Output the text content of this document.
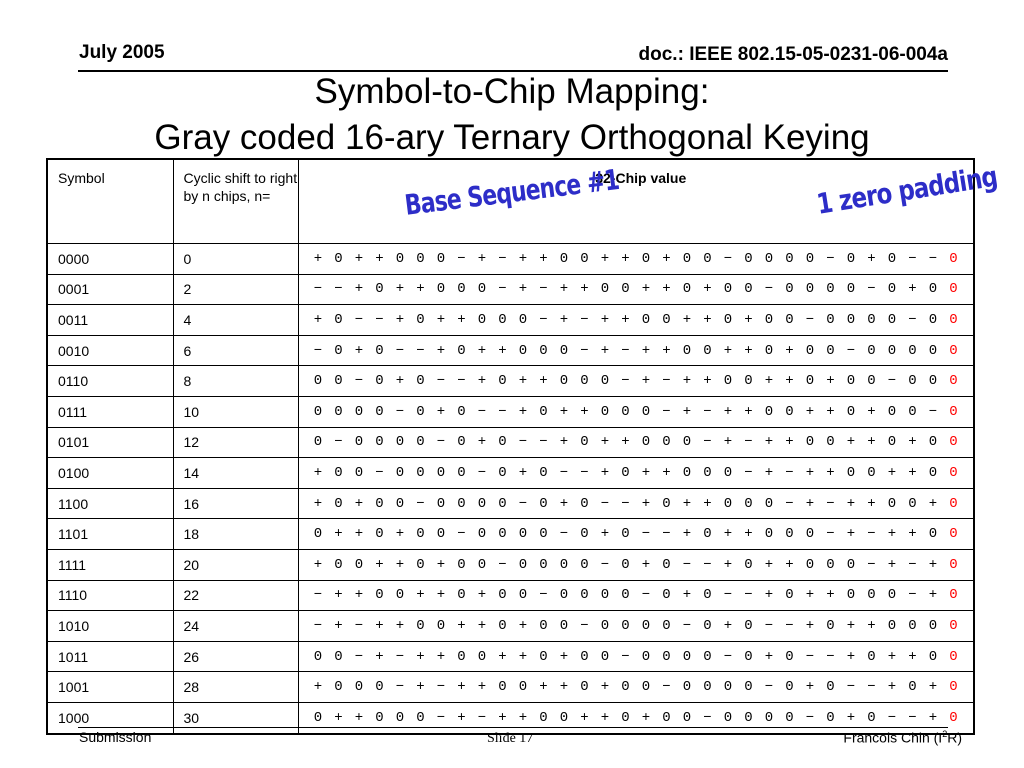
July 2005	doc.: IEEE 802.15-05-0231-06-004a
Symbol-to-Chip Mapping:
Gray coded 16-ary Ternary Orthogonal Keying
Symbol	Cyclic shift to right by n chips, n=	32-Chip value
0000	0	+ 0 + + 0 0 0 − + − + + 0 0 + + 0 + 0 0 − 0 0 0 0 − 0 + 0 − − 0
0001	2	− − + 0 + + 0 0 0 − + − + + 0 0 + + 0 + 0 0 − 0 0 0 0 − 0 + 0 0
0011	4	+ 0 − − + 0 + + 0 0 0 − + − + + 0 0 + + 0 + 0 0 − 0 0 0 0 − 0 0
0010	6	− 0 + 0 − − + 0 + + 0 0 0 − + − + + 0 0 + + 0 + 0 0 − 0 0 0 0 0
0110	8	0 0 − 0 + 0 − − + 0 + + 0 0 0 − + − + + 0 0 + + 0 + 0 0 − 0 0 0
0111	10	0 0 0 0 − 0 + 0 − − + 0 + + 0 0 0 − + − + + 0 0 + + 0 + 0 0 − 0
0101	12	0 − 0 0 0 0 − 0 + 0 − − + 0 + + 0 0 0 − + − + + 0 0 + + 0 + 0 0
0100	14	+ 0 0 − 0 0 0 0 − 0 + 0 − − + 0 + + 0 0 0 − + − + + 0 0 + + 0 0
1100	16	+ 0 + 0 0 − 0 0 0 0 − 0 + 0 − − + 0 + + 0 0 0 − + − + + 0 0 + 0
1101	18	0 + + 0 + 0 0 − 0 0 0 0 − 0 + 0 − − + 0 + + 0 0 0 − + − + + 0 0
1111	20	+ 0 0 + + 0 + 0 0 − 0 0 0 0 − 0 + 0 − − + 0 + + 0 0 0 − + − + 0
1110	22	− + + 0 0 + + 0 + 0 0 − 0 0 0 0 − 0 + 0 − − + 0 + + 0 0 0 − + 0
1010	24	− + − + + 0 0 + + 0 + 0 0 − 0 0 0 0 − 0 + 0 − − + 0 + + 0 0 0 0
1011	26	0 0 − + − + + 0 0 + + 0 + 0 0 − 0 0 0 0 − 0 + 0 − − + 0 + + 0 0
1001	28	+ 0 0 0 − + − + + 0 0 + + 0 + 0 0 − 0 0 0 0 − 0 + 0 − − + 0 + 0
1000	30	0 + + 0 0 0 − + − + + 0 0 + + 0 + 0 0 − 0 0 0 0 − 0 + 0 − − + 0
Base Sequence #1	1 zero padding
Submission	Slide 17	Francois Chin $(I^2R)$
